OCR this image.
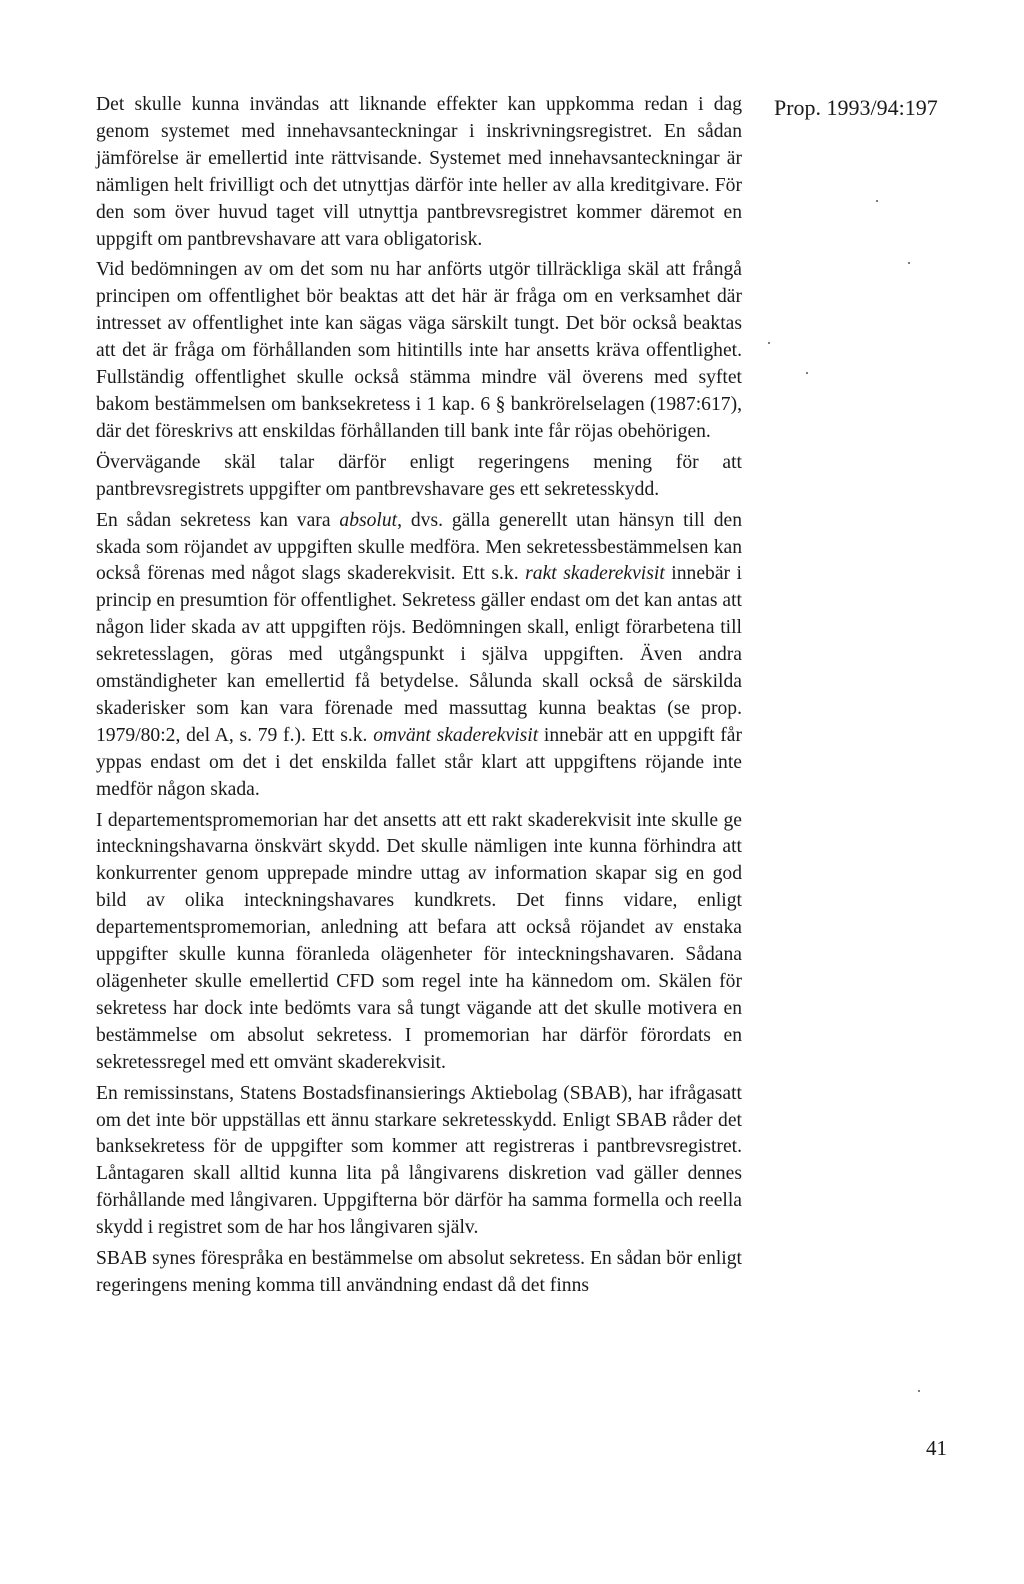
Prop. 1993/94:197

Det skulle kunna invändas att liknande effekter kan uppkomma redan i dag genom systemet med innehavsanteckningar i inskrivningsregistret. En sådan jämförelse är emellertid inte rättvisande. Systemet med innehavsanteckningar är nämligen helt frivilligt och det utnyttjas därför inte heller av alla kreditgivare. För den som över huvud taget vill utnyttja pantbrevsregistret kommer däremot en uppgift om pantbrevshavare att vara obligatorisk.

Vid bedömningen av om det som nu har anförts utgör tillräckliga skäl att frångå principen om offentlighet bör beaktas att det här är fråga om en verksamhet där intresset av offentlighet inte kan sägas väga särskilt tungt. Det bör också beaktas att det är fråga om förhållanden som hitintills inte har ansetts kräva offentlighet. Fullständig offentlighet skulle också stämma mindre väl överens med syftet bakom bestämmelsen om banksekretess i 1 kap. 6 § bankrörelselagen (1987:617), där det föreskrivs att enskildas förhållanden till bank inte får röjas obehörigen.

Övervägande skäl talar därför enligt regeringens mening för att pantbrevsregistrets uppgifter om pantbrevshavare ges ett sekretesskydd.

En sådan sekretess kan vara absolut, dvs. gälla generellt utan hänsyn till den skada som röjandet av uppgiften skulle medföra. Men sekretessbestämmelsen kan också förenas med något slags skaderekvisit. Ett s.k. rakt skaderekvisit innebär i princip en presumtion för offentlighet. Sekretess gäller endast om det kan antas att någon lider skada av att uppgiften röjs. Bedömningen skall, enligt förarbetena till sekretesslagen, göras med utgångspunkt i själva uppgiften. Även andra omständigheter kan emellertid få betydelse. Sålunda skall också de särskilda skaderisker som kan vara förenade med massuttag kunna beaktas (se prop. 1979/80:2, del A, s. 79 f.). Ett s.k. omvänt skaderekvisit innebär att en uppgift får yppas endast om det i det enskilda fallet står klart att uppgiftens röjande inte medför någon skada.

I departementspromemorian har det ansetts att ett rakt skaderekvisit inte skulle ge inteckningshavarna önskvärt skydd. Det skulle nämligen inte kunna förhindra att konkurrenter genom upprepade mindre uttag av information skapar sig en god bild av olika inteckningshavares kundkrets. Det finns vidare, enligt departementspromemorian, anledning att befara att också röjandet av enstaka uppgifter skulle kunna föranleda olägenheter för inteckningshavaren. Sådana olägenheter skulle emellertid CFD som regel inte ha kännedom om. Skälen för sekretess har dock inte bedömts vara så tungt vägande att det skulle motivera en bestämmelse om absolut sekretess. I promemorian har därför förordats en sekretessregel med ett omvänt skaderekvisit.

En remissinstans, Statens Bostadsfinansierings Aktiebolag (SBAB), har ifrågasatt om det inte bör uppställas ett ännu starkare sekretesskydd. Enligt SBAB råder det banksekretess för de uppgifter som kommer att registreras i pantbrevsregistret. Låntagaren skall alltid kunna lita på långivarens diskretion vad gäller dennes förhållande med långivaren. Uppgifterna bör därför ha samma formella och reella skydd i registret som de har hos långivaren själv.

SBAB synes förespråka en bestämmelse om absolut sekretess. En sådan bör enligt regeringens mening komma till användning endast då det finns

41
